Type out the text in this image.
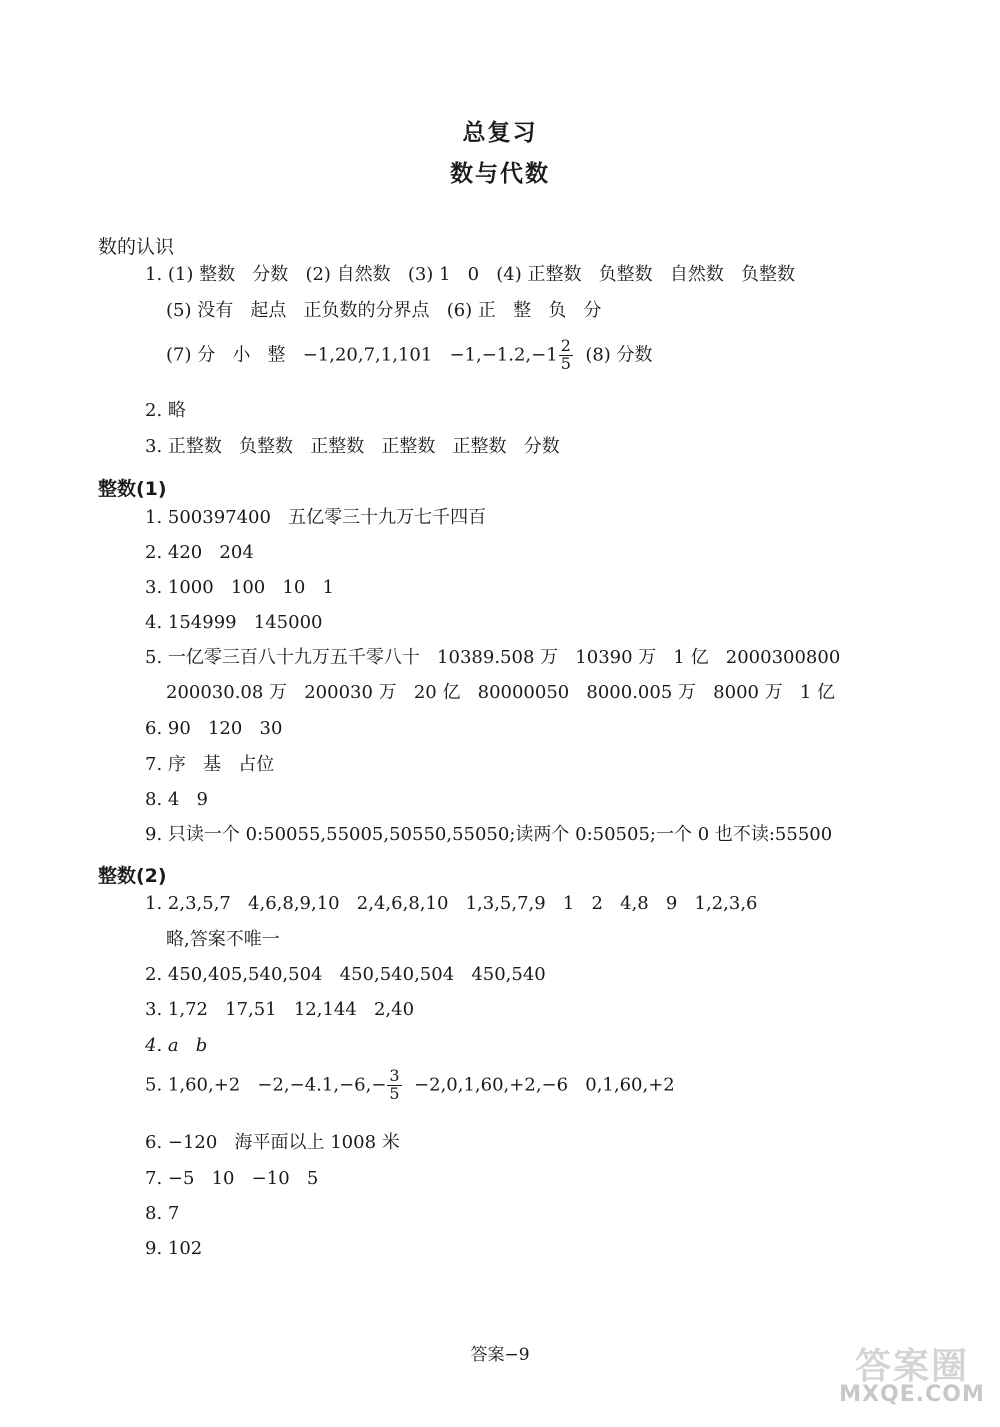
总复习
数与代数
数的认识
1. (1) 整数   分数   (2) 自然数   (3) 1   0   (4) 正整数   负整数   自然数   负整数
(5) 没有   起点   正负数的分界点   (6) 正   整   负   分
(7) 分   小   整   $-1,20,7,1,101 -1,-1.2,-1 \frac{2}{5} (8)$ 分数
2. 略
3. 正整数   负整数   正整数   正整数   正整数   分数
整数(1)
1. 500397400   五亿零三十九万七千四百
2. 420   204
3. 1000   100   10   1
4. 154999   145000
5. 一亿零三百八十九万五千零八十   10389.508 万   10390 万   1 亿   2000300800
200030.08 万   200030 万   20 亿   80000050   8000.005 万   8000 万   1 亿
6. 90   120   30
7. 序   基   占位
8. 4   9
9. 只读一个 0:50055,55005,50550,55050;读两个 0:50505;一个 0 也不读:55500
整数(2)
1. 2,3,5,7   4,6,8,9,10   2,4,6,8,10   1,3,5,7,9   1   2   4,8   9   1,2,3,6
略,答案不唯一
2. 450,405,540,504   450,540,504   450,540
3. 1,72   17,51   12,144   2,40
4. a   b
5. $1,60,+2 -2,-4.1,-6,- \frac{3}{5} -2,0,1,60,+2,-6$   0,1,60,+2
6. −120   海平面以上 1008 米
7. −5   10   −10   5
8. 7
9. 102
答案−9	答案圈
MXQE.COM
